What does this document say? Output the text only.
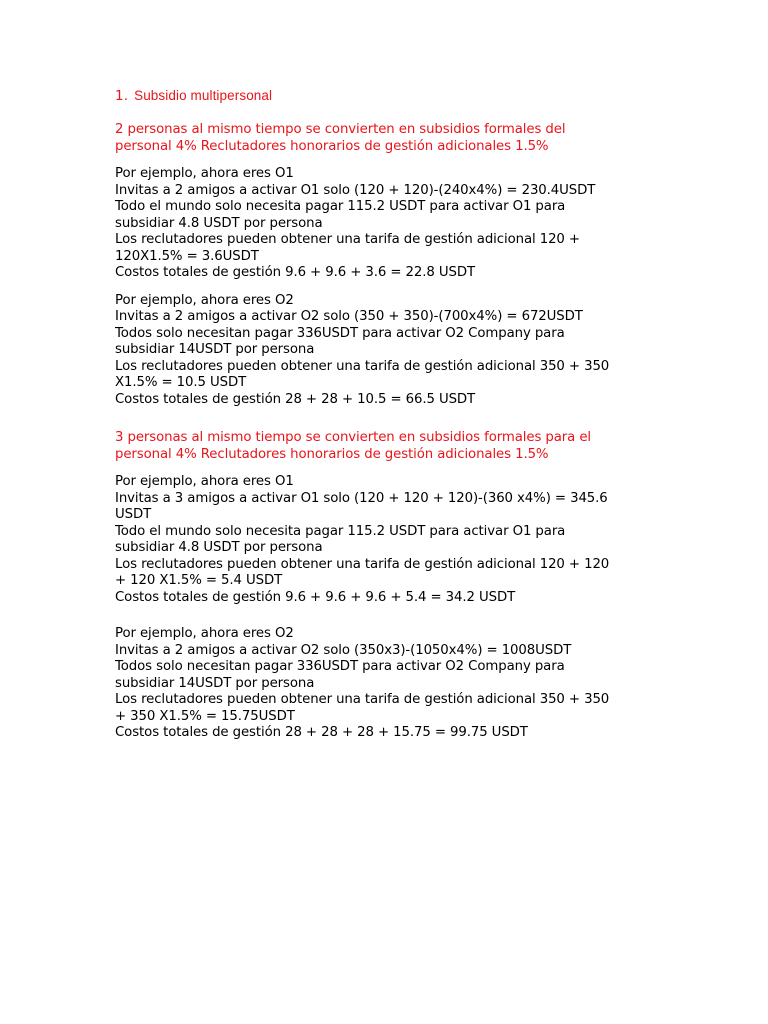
1. Subsidio multipersonal
2 personas al mismo tiempo se convierten en subsidios formales del
personal 4% Reclutadores honorarios de gestión adicionales 1.5%
Por ejemplo, ahora eres O1
Invitas a 2 amigos a activar O1 solo (120 + 120)-(240x4%) = 230.4USDT
Todo el mundo solo necesita pagar 115.2 USDT para activar O1 para
subsidiar 4.8 USDT por persona
Los reclutadores pueden obtener una tarifa de gestión adicional 120 +
120X1.5% = 3.6USDT
Costos totales de gestión 9.6 + 9.6 + 3.6 = 22.8 USDT
Por ejemplo, ahora eres O2
Invitas a 2 amigos a activar O2 solo (350 + 350)-(700x4%) = 672USDT
Todos solo necesitan pagar 336USDT para activar O2 Company para
subsidiar 14USDT por persona
Los reclutadores pueden obtener una tarifa de gestión adicional 350 + 350
X1.5% = 10.5 USDT
Costos totales de gestión 28 + 28 + 10.5 = 66.5 USDT
3 personas al mismo tiempo se convierten en subsidios formales para el
personal 4% Reclutadores honorarios de gestión adicionales 1.5%
Por ejemplo, ahora eres O1
Invitas a 3 amigos a activar O1 solo (120 + 120 + 120)-(360 x4%) = 345.6
USDT
Todo el mundo solo necesita pagar 115.2 USDT para activar O1 para
subsidiar 4.8 USDT por persona
Los reclutadores pueden obtener una tarifa de gestión adicional 120 + 120
+ 120 X1.5% = 5.4 USDT
Costos totales de gestión 9.6 + 9.6 + 9.6 + 5.4 = 34.2 USDT
Por ejemplo, ahora eres O2
Invitas a 2 amigos a activar O2 solo (350x3)-(1050x4%) = 1008USDT
Todos solo necesitan pagar 336USDT para activar O2 Company para
subsidiar 14USDT por persona
Los reclutadores pueden obtener una tarifa de gestión adicional 350 + 350
+ 350 X1.5% = 15.75USDT
Costos totales de gestión 28 + 28 + 28 + 15.75 = 99.75 USDT
